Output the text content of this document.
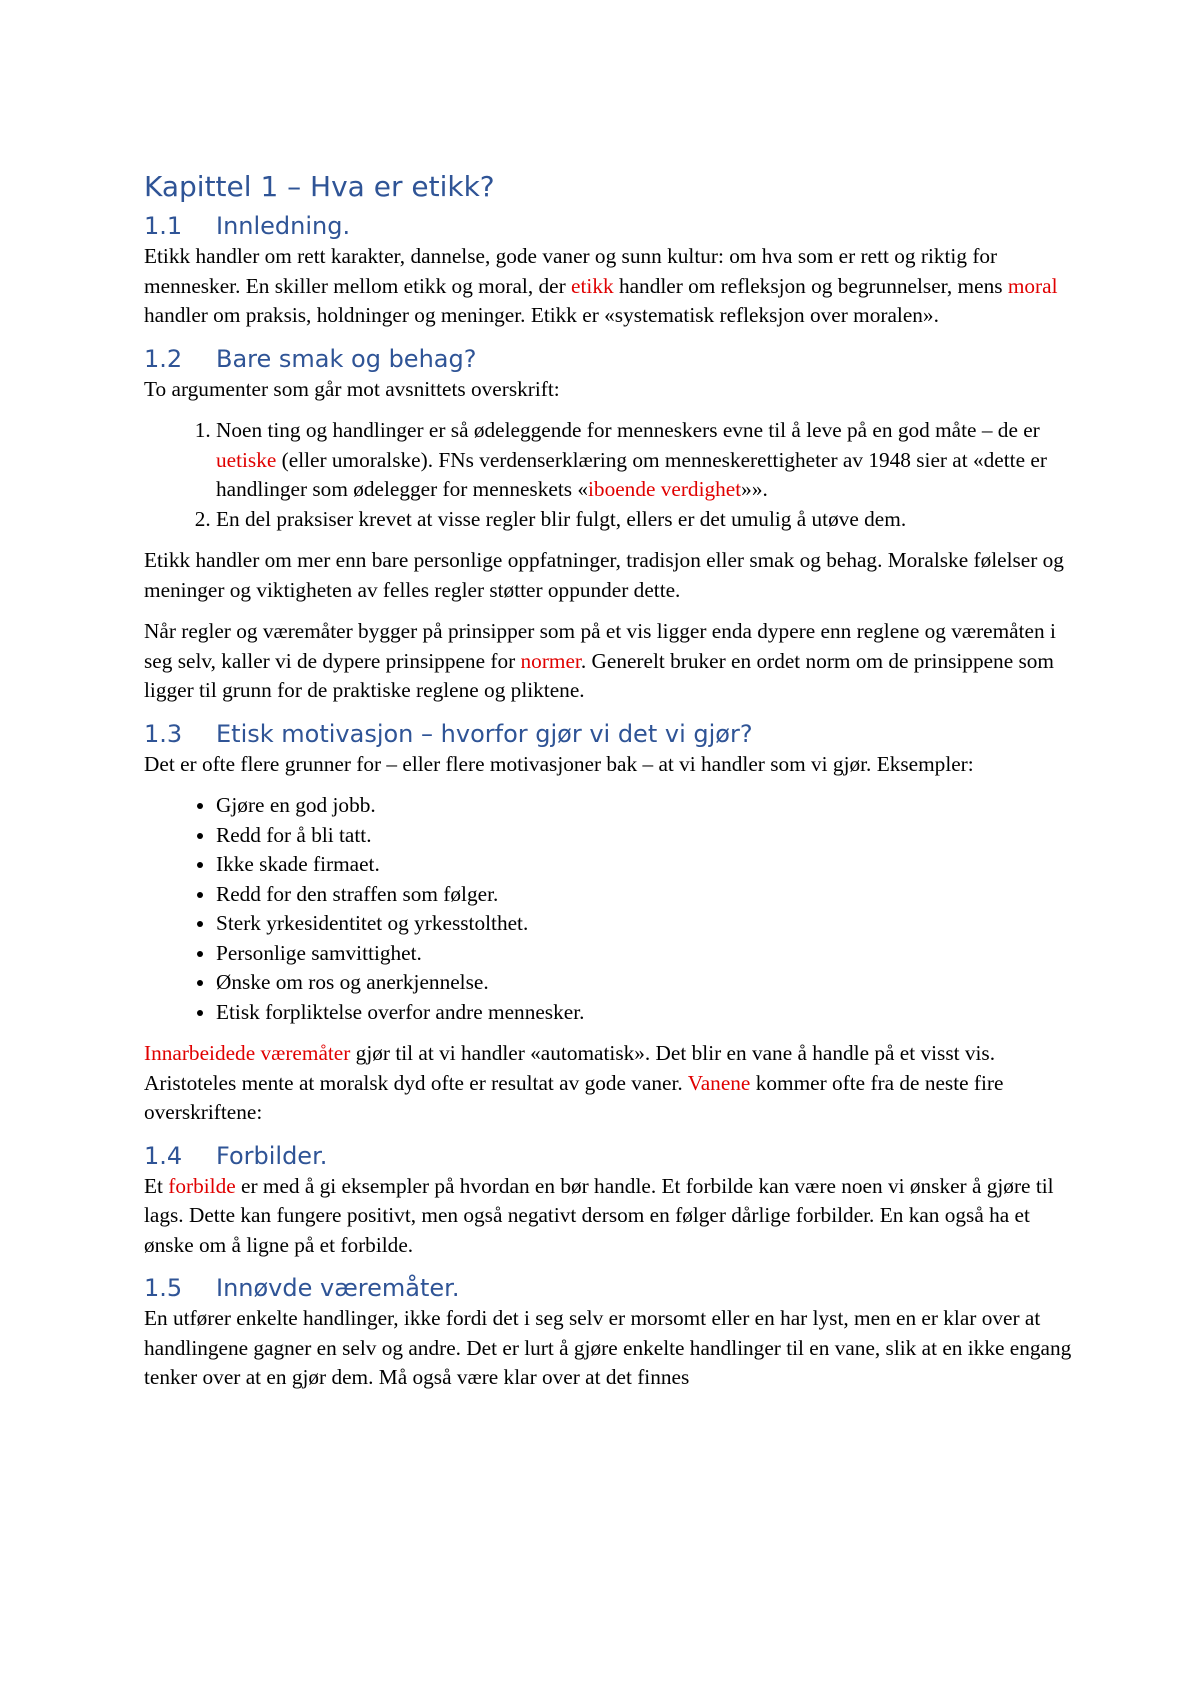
Kapittel 1 – Hva er etikk?
1.1 Innledning.

Etikk handler om rett karakter, dannelse, gode vaner og sunn kultur: om hva som er rett og riktig for mennesker. En skiller mellom etikk og moral, der etikk handler om refleksjon og begrunnelser, mens moral handler om praksis, holdninger og meninger. Etikk er «systematisk refleksjon over moralen».

1.2 Bare smak og behag?

To argumenter som går mot avsnittets overskrift:

1. Noen ting og handlinger er så ødeleggende for menneskers evne til å leve på en god måte – de er uetiske (eller umoralske). FNs verdenserklæring om menneskerettigheter av 1948 sier at «dette er handlinger som ødelegger for menneskets «iboende verdighet»».
2. En del praksiser krevet at visse regler blir fulgt, ellers er det umulig å utøve dem.

Etikk handler om mer enn bare personlige oppfatninger, tradisjon eller smak og behag. Moralske følelser og meninger og viktigheten av felles regler støtter oppunder dette.

Når regler og væremåter bygger på prinsipper som på et vis ligger enda dypere enn reglene og væremåten i seg selv, kaller vi de dypere prinsippene for normer. Generelt bruker en ordet norm om de prinsippene som ligger til grunn for de praktiske reglene og pliktene.

1.3 Etisk motivasjon – hvorfor gjør vi det vi gjør?

Det er ofte flere grunner for – eller flere motivasjoner bak – at vi handler som vi gjør. Eksempler:

• Gjøre en god jobb.
• Redd for å bli tatt.
• Ikke skade firmaet.
• Redd for den straffen som følger.
• Sterk yrkesidentitet og yrkesstolthet.
• Personlige samvittighet.
• Ønske om ros og anerkjennelse.
• Etisk forpliktelse overfor andre mennesker.

Innarbeidede væremåter gjør til at vi handler «automatisk». Det blir en vane å handle på et visst vis. Aristoteles mente at moralsk dyd ofte er resultat av gode vaner. Vanene kommer ofte fra de neste fire overskriftene:

1.4 Forbilder.

Et forbilde er med å gi eksempler på hvordan en bør handle. Et forbilde kan være noen vi ønsker å gjøre til lags. Dette kan fungere positivt, men også negativt dersom en følger dårlige forbilder. En kan også ha et ønske om å ligne på et forbilde.

1.5 Innøvde væremåter.

En utfører enkelte handlinger, ikke fordi det i seg selv er morsomt eller en har lyst, men en er klar over at handlingene gagner en selv og andre. Det er lurt å gjøre enkelte handlinger til en vane, slik at en ikke engang tenker over at en gjør dem. Må også være klar over at det finnes
